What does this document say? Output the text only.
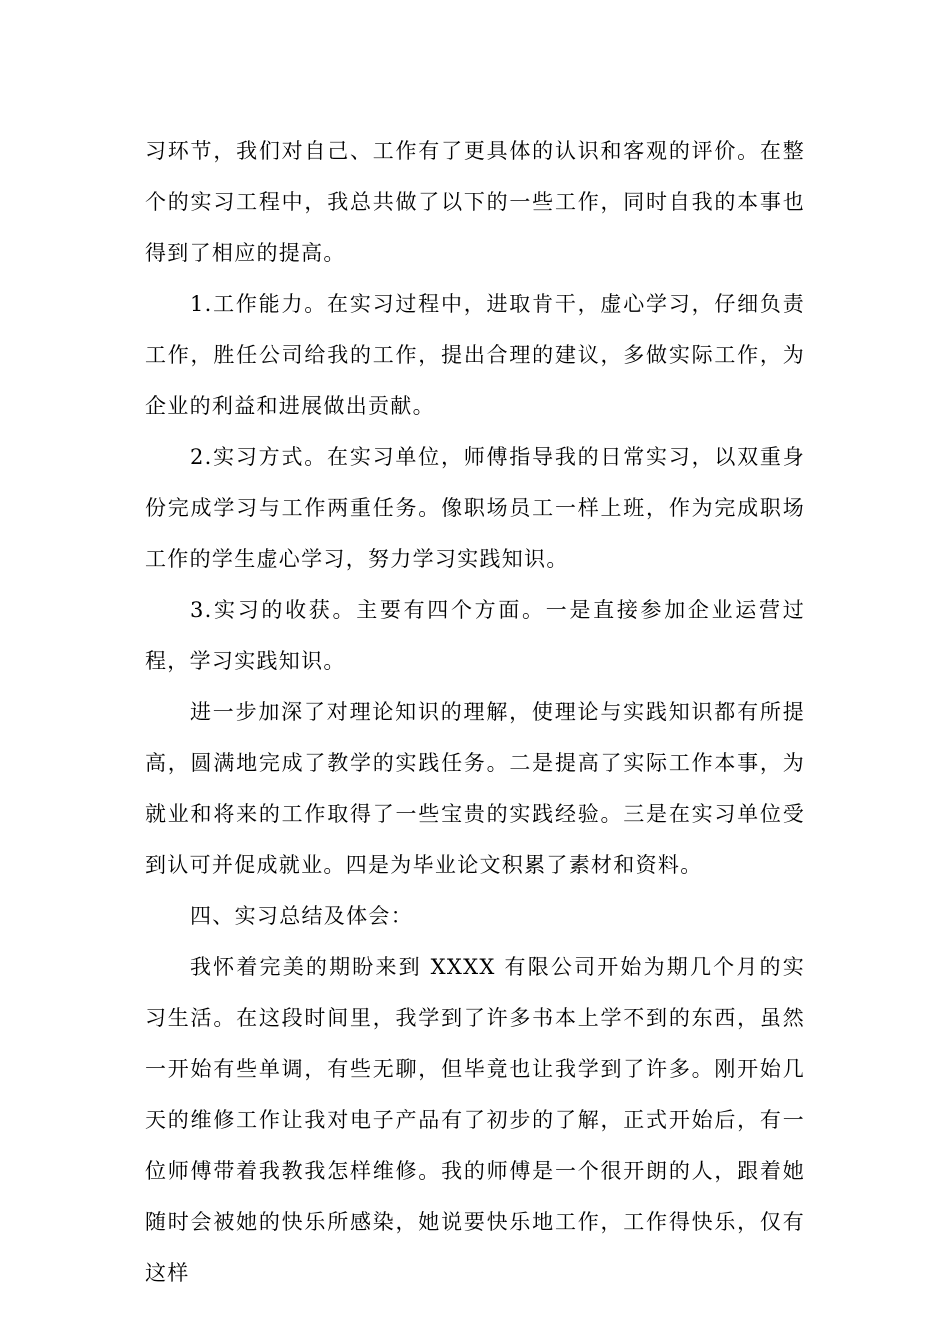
习环节，我们对自己、工作有了更具体的认识和客观的评价。在整个的实习工程中，我总共做了以下的一些工作，同时自我的本事也得到了相应的提高。

1.工作能力。在实习过程中，进取肯干，虚心学习，仔细负责工作，胜任公司给我的工作，提出合理的建议，多做实际工作，为企业的利益和进展做出贡献。

2.实习方式。在实习单位，师傅指导我的日常实习，以双重身份完成学习与工作两重任务。像职场员工一样上班，作为完成职场工作的学生虚心学习，努力学习实践知识。

3.实习的收获。主要有四个方面。一是直接参加企业运营过程，学习实践知识。

进一步加深了对理论知识的理解，使理论与实践知识都有所提高，圆满地完成了教学的实践任务。二是提高了实际工作本事，为就业和将来的工作取得了一些宝贵的实践经验。三是在实习单位受到认可并促成就业。四是为毕业论文积累了素材和资料。

四、实习总结及体会：

我怀着完美的期盼来到 XXXX 有限公司开始为期几个月的实习生活。在这段时间里，我学到了许多书本上学不到的东西，虽然一开始有些单调，有些无聊，但毕竟也让我学到了许多。刚开始几天的维修工作让我对电子产品有了初步的了解，正式开始后，有一位师傅带着我教我怎样维修。我的师傅是一个很开朗的人，跟着她随时会被她的快乐所感染，她说要快乐地工作，工作得快乐，仅有这样
